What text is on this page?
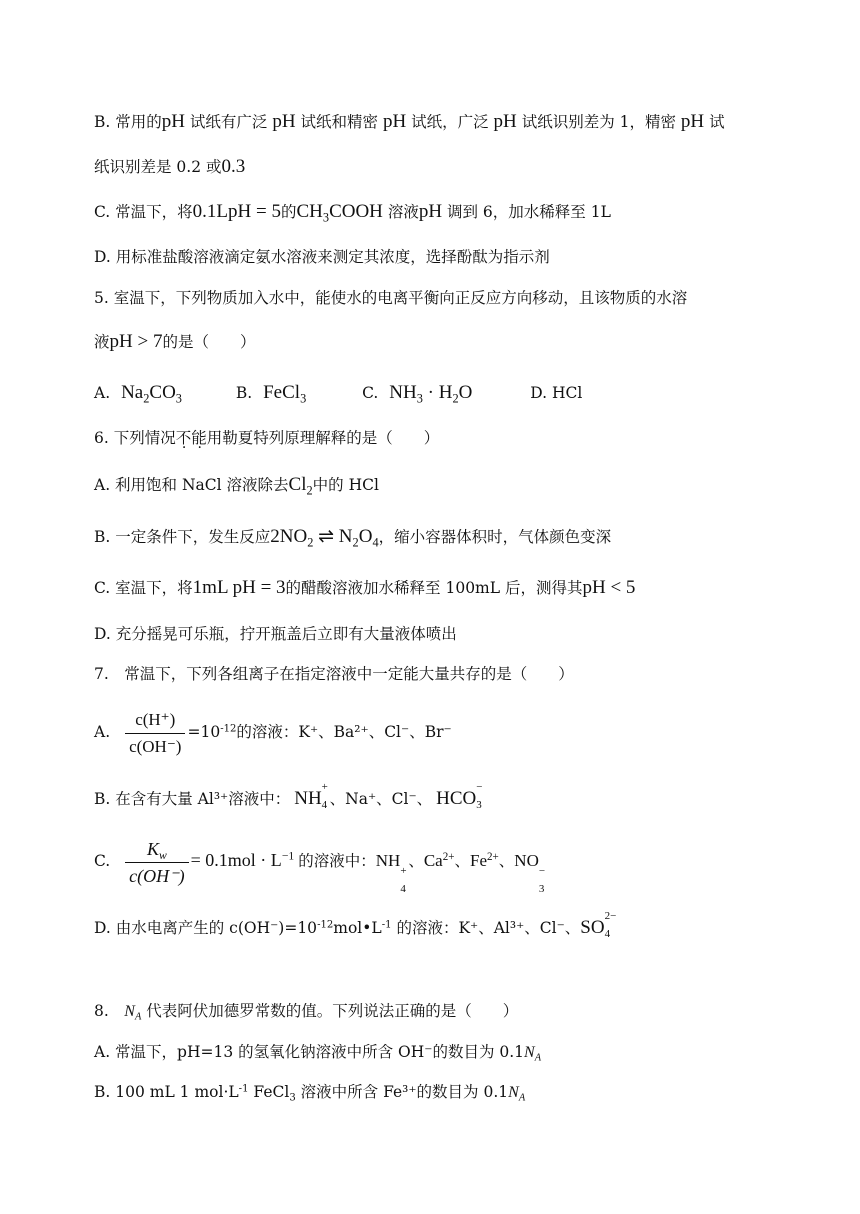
B. 常用的pH 试纸有广泛 pH 试纸和精密 pH 试纸，广泛 pH 试纸识别差为 1，精密 pH 试
纸识别差是 0.2 或0.3
C. 常温下，将0.1LpH = 5的$CH_3COOH$ 溶液pH 调到 6，加水稀释至 1L
D. 用标准盐酸溶液滴定氨水溶液来测定其浓度，选择酚酞为指示剂
5. 室温下，下列物质加入水中，能使水的电离平衡向正反应方向移动，且该物质的水溶
液pH > 7的是（　　）
A. $Na_2CO_3$	B. FeCl$_3$	C. $NH_3 \cdot H_2O$	D. HCl
6. 下列情况不能用勒夏特列原理解释的是（　　）
A. 利用饱和 NaCl 溶液除去$Cl_2$中的 HCl
B. 一定条件下，发生反应$2NO_2$ ⇌ $N_2O_4$，缩小容器体积时，气体颜色变深
C. 室温下，将1mL pH = 3的醋酸溶液加水稀释至 100mL 后，测得其pH < 5
D. 充分摇晃可乐瓶，拧开瓶盖后立即有大量液体喷出
7.　常温下，下列各组离子在指定溶液中一定能大量共存的是（　　）
A. $\frac{c(H^+)}{c(OH^-)} =10^{-12}$的溶液：K⁺、Ba²⁺、Cl⁻、Br⁻
B. 在含有大量 Al³⁺溶液中： NH
+
4 、Na⁺、Cl⁻、 HCO
−
3
C. $\frac{K_w}{c(OH^-)} = 0.1mol \cdot L^{-1}$ 的溶液中：NH
+
4
、$Ca^{2+}$、$Fe^{2+}$、NO
−
3
D. 由水电离产生的 $c(OH^-)=10^{-12}mol•L^{-1}$ 的溶液：K⁺、Al³⁺、Cl⁻、SO
2−
4
8.　$N_A$ 代表阿伏加德罗常数的值。下列说法正确的是（　　）
A. 常温下，pH=13 的氢氧化钠溶液中所含 OH⁻的数目为 $0.1N_A$
B. 100 mL 1 $mol\cdot L^{-1}$ FeCl$_3$ 溶液中所含 Fe³⁺的数目为 $0.1N_A$
